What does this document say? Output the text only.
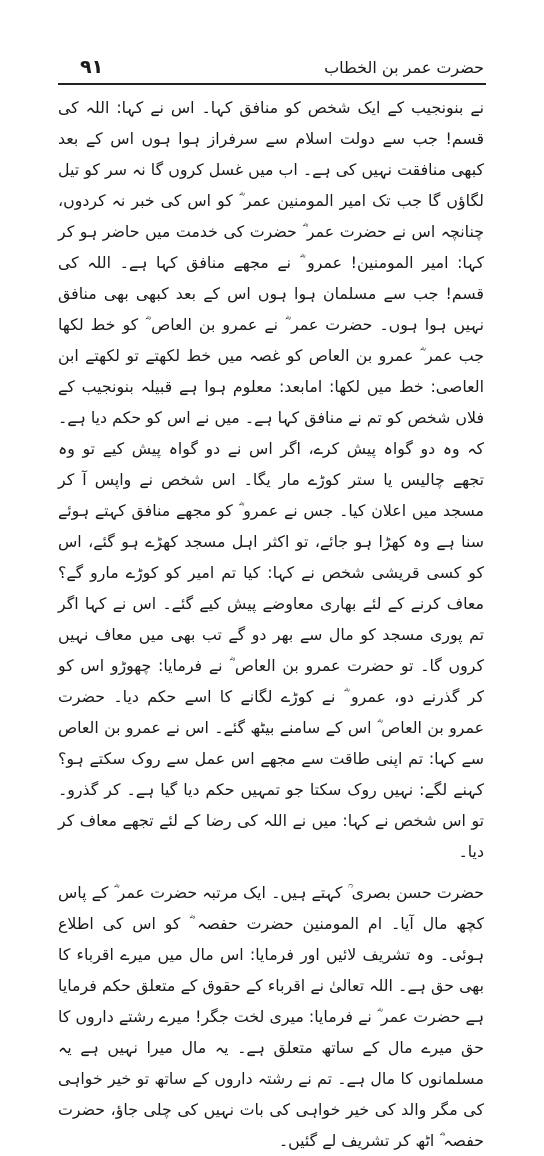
۹۱	حضرت عمر بن الخطاب

نے بنونجیب کے ایک شخص کو منافق کہا۔ اس نے کہا: اللہ کی قسم! جب سے دولت اسلام سے سرفراز ہوا ہوں اس کے بعد کبھی منافقت نہیں کی ہے۔ اب میں غسل کروں گا نہ سر کو تیل لگاؤں گا جب تک امیر المومنین عمر ؓ کو اس کی خبر نہ کردوں، چنانچہ اس نے حضرت عمر ؓ حضرت کی خدمت میں حاضر ہو کر کہا: امیر المومنین! عمرو ؓ نے مجھے منافق کہا ہے۔ اللہ کی قسم! جب سے مسلمان ہوا ہوں اس کے بعد کبھی بھی منافق نہیں ہوا ہوں۔ حضرت عمر ؓ نے عمرو بن العاص ؓ کو خط لکھا جب عمر ؓ عمرو بن العاص کو غصہ میں خط لکھتے تو لکھتے ابن العاصی: خط میں لکھا: امابعد: معلوم ہوا ہے قبیلہ بنونجیب کے فلاں شخص کو تم نے منافق کہا ہے۔ میں نے اس کو حکم دیا ہے۔ کہ وہ دو گواہ پیش کرے، اگر اس نے دو گواہ پیش کیے تو وہ تجھے چالیس یا ستر کوڑے مار یگا۔ اس شخص نے واپس آ کر مسجد میں اعلان کیا۔ جس نے عمرو ؓ کو مجھے منافق کہتے ہوئے سنا ہے وہ کھڑا ہو جائے، تو اکثر اہل مسجد کھڑے ہو گئے، اس کو کسی قریشی شخص نے کہا: کیا تم امیر کو کوڑے مارو گے؟ معاف کرنے کے لئے بھاری معاوضے پیش کیے گئے۔ اس نے کہا اگر تم پوری مسجد کو مال سے بھر دو گے تب بھی میں معاف نہیں کروں گا۔ تو حضرت عمرو بن العاص ؓ نے فرمایا: چھوڑو اس کو کر گذرنے دو، عمرو ؓ نے کوڑے لگانے کا اسے حکم دیا۔ حضرت عمرو بن العاص ؓ اس کے سامنے بیٹھ گئے۔ اس نے عمرو بن العاص سے کہا: تم اپنی طاقت سے مجھے اس عمل سے روک سکتے ہو؟ کہنے لگے: نہیں روک سکتا جو تمہیں حکم دیا گیا ہے۔ کر گذرو۔ تو اس شخص نے کہا: میں نے اللہ کی رضا کے لئے تجھے معاف کر دیا۔

حضرت حسن بصری ؒ کہتے ہیں۔ ایک مرتبہ حضرت عمر ؓ کے پاس کچھ مال آیا۔ ام المومنین حضرت حفصہ ؓ کو اس کی اطلاع ہوئی۔ وہ تشریف لائیں اور فرمایا: اس مال میں میرے اقرباء کا بھی حق ہے۔ اللہ تعالیٰ نے اقرباء کے حقوق کے متعلق حکم فرمایا ہے حضرت عمر ؓ نے فرمایا: میری لخت جگر! میرے رشتے داروں کا حق میرے مال کے ساتھ متعلق ہے۔ یہ مال میرا نہیں ہے یہ مسلمانوں کا مال ہے۔ تم نے رشتہ داروں کے ساتھ تو خیر خواہی کی مگر والد کی خیر خواہی کی بات نہیں کی چلی جاؤ، حضرت حفصہ ؓ اٹھ کر تشریف لے گئیں۔
